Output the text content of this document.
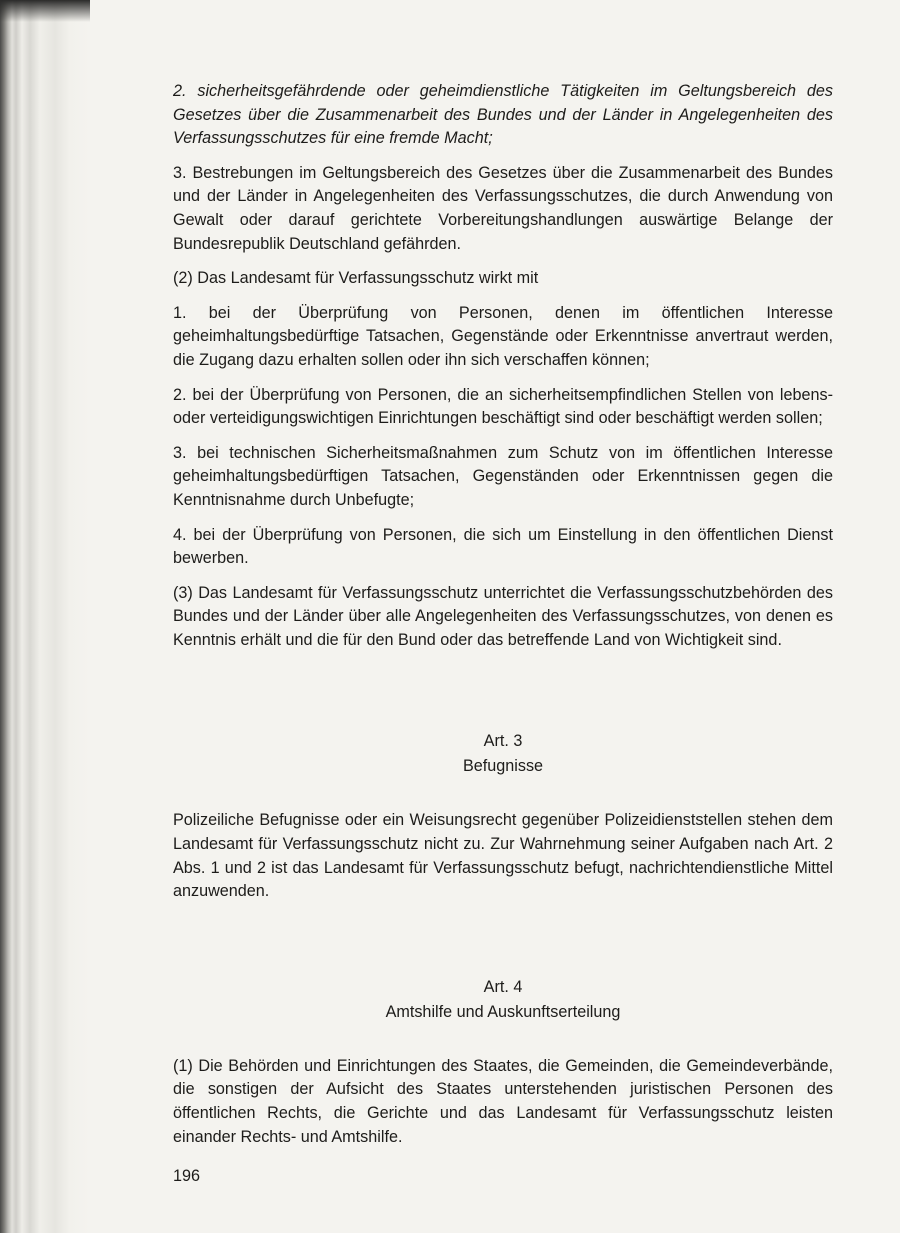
2. sicherheitsgefährdende oder geheimdienstliche Tätigkeiten im Geltungsbereich des Gesetzes über die Zusammenarbeit des Bundes und der Länder in Angelegenheiten des Verfassungsschutzes für eine fremde Macht;

3. Bestrebungen im Geltungsbereich des Gesetzes über die Zusammenarbeit des Bundes und der Länder in Angelegenheiten des Verfassungsschutzes, die durch Anwendung von Gewalt oder darauf gerichtete Vorbereitungshandlungen auswärtige Belange der Bundesrepublik Deutschland gefährden.

(2) Das Landesamt für Verfassungsschutz wirkt mit

1. bei der Überprüfung von Personen, denen im öffentlichen Interesse geheimhaltungsbedürftige Tatsachen, Gegenstände oder Erkenntnisse anvertraut werden, die Zugang dazu erhalten sollen oder ihn sich verschaffen können;

2. bei der Überprüfung von Personen, die an sicherheitsempfindlichen Stellen von lebens- oder verteidigungswichtigen Einrichtungen beschäftigt sind oder beschäftigt werden sollen;

3. bei technischen Sicherheitsmaßnahmen zum Schutz von im öffentlichen Interesse geheimhaltungsbedürftigen Tatsachen, Gegenständen oder Erkenntnissen gegen die Kenntnisnahme durch Unbefugte;

4. bei der Überprüfung von Personen, die sich um Einstellung in den öffentlichen Dienst bewerben.

(3) Das Landesamt für Verfassungsschutz unterrichtet die Verfassungsschutzbehörden des Bundes und der Länder über alle Angelegenheiten des Verfassungsschutzes, von denen es Kenntnis erhält und die für den Bund oder das betreffende Land von Wichtigkeit sind.

Art. 3

Befugnisse

Polizeiliche Befugnisse oder ein Weisungsrecht gegenüber Polizeidienststellen stehen dem Landesamt für Verfassungsschutz nicht zu. Zur Wahrnehmung seiner Aufgaben nach Art. 2 Abs. 1 und 2 ist das Landesamt für Verfassungsschutz befugt, nachrichtendienstliche Mittel anzuwenden.

Art. 4

Amtshilfe und Auskunftserteilung

(1) Die Behörden und Einrichtungen des Staates, die Gemeinden, die Gemeindeverbände, die sonstigen der Aufsicht des Staates unterstehenden juristischen Personen des öffentlichen Rechts, die Gerichte und das Landesamt für Verfassungsschutz leisten einander Rechts- und Amtshilfe.

196
